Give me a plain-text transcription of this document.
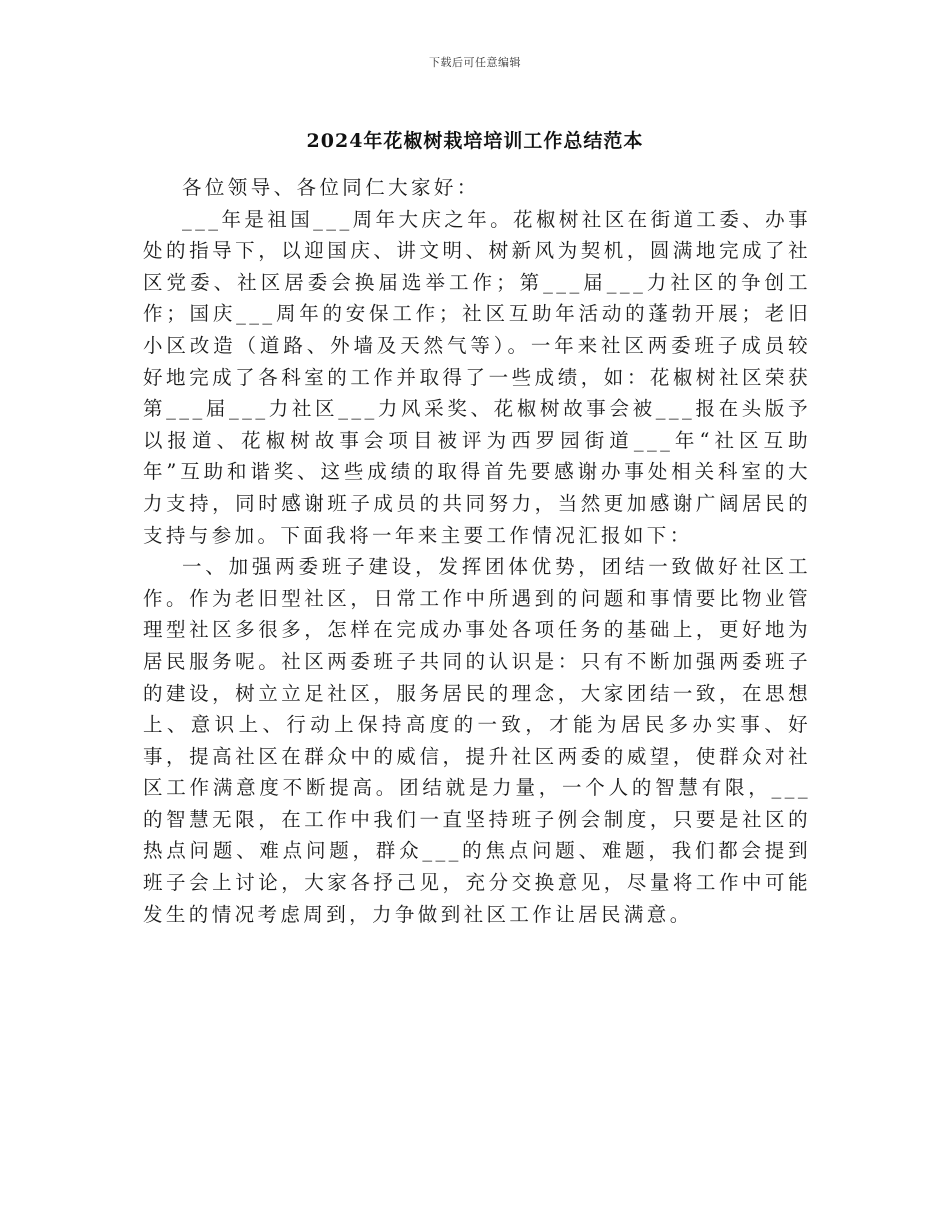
下载后可任意编辑
2024年花椒树栽培培训工作总结范本

各位领导、各位同仁大家好：

___年是祖国___周年大庆之年。花椒树社区在街道工委、办事处的指导下，以迎国庆、讲文明、树新风为契机，圆满地完成了社区党委、社区居委会换届选举工作；第___届___力社区的争创工作；国庆___周年的安保工作；社区互助年活动的蓬勃开展；老旧小区改造（道路、外墙及天然气等）。一年来社区两委班子成员较好地完成了各科室的工作并取得了一些成绩，如：花椒树社区荣获第___届___力社区___力风采奖、花椒树故事会被___报在头版予以报道、花椒树故事会项目被评为西罗园街道___年“社区互助年”互助和谐奖、这些成绩的取得首先要感谢办事处相关科室的大力支持，同时感谢班子成员的共同努力，当然更加感谢广阔居民的支持与参加。下面我将一年来主要工作情况汇报如下：

一、加强两委班子建设，发挥团体优势，团结一致做好社区工作。作为老旧型社区，日常工作中所遇到的问题和事情要比物业管理型社区多很多，怎样在完成办事处各项任务的基础上，更好地为居民服务呢。社区两委班子共同的认识是：只有不断加强两委班子的建设，树立立足社区，服务居民的理念，大家团结一致，在思想上、意识上、行动上保持高度的一致，才能为居民多办实事、好事，提高社区在群众中的威信，提升社区两委的威望，使群众对社区工作满意度不断提高。团结就是力量，一个人的智慧有限，___的智慧无限，在工作中我们一直坚持班子例会制度，只要是社区的热点问题、难点问题，群众___的焦点问题、难题，我们都会提到班子会上讨论，大家各抒己见，充分交换意见，尽量将工作中可能发生的情况考虑周到，力争做到社区工作让居民满意。
